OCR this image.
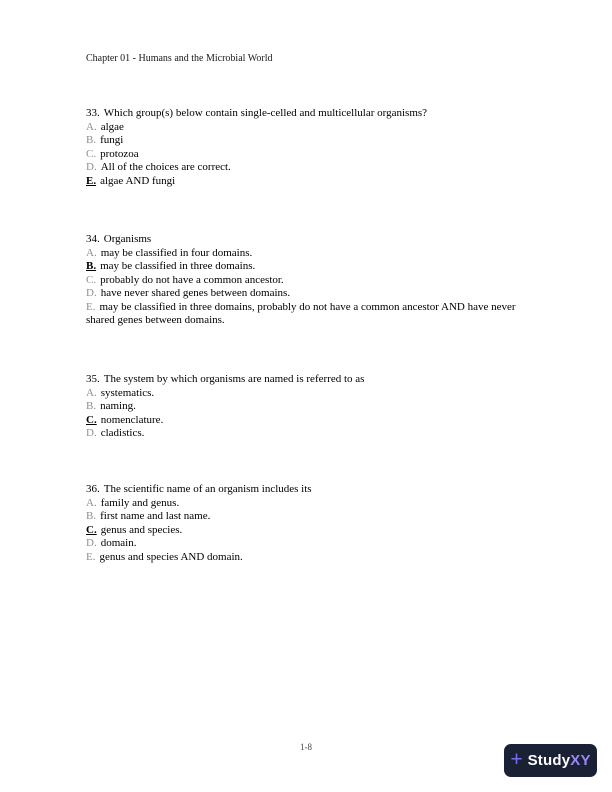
Chapter 01 - Humans and the Microbial World
33. Which group(s) below contain single-celled and multicellular organisms?
A. algae
B. fungi
C. protozoa
D. All of the choices are correct.
E. algae AND fungi
34. Organisms
A. may be classified in four domains.
B. may be classified in three domains.
C. probably do not have a common ancestor.
D. have never shared genes between domains.
E. may be classified in three domains, probably do not have a common ancestor AND have never shared genes between domains.
35. The system by which organisms are named is referred to as
A. systematics.
B. naming.
C. nomenclature.
D. cladistics.
36. The scientific name of an organism includes its
A. family and genus.
B. first name and last name.
C. genus and species.
D. domain.
E. genus and species AND domain.
1-8
+ StudyXY
